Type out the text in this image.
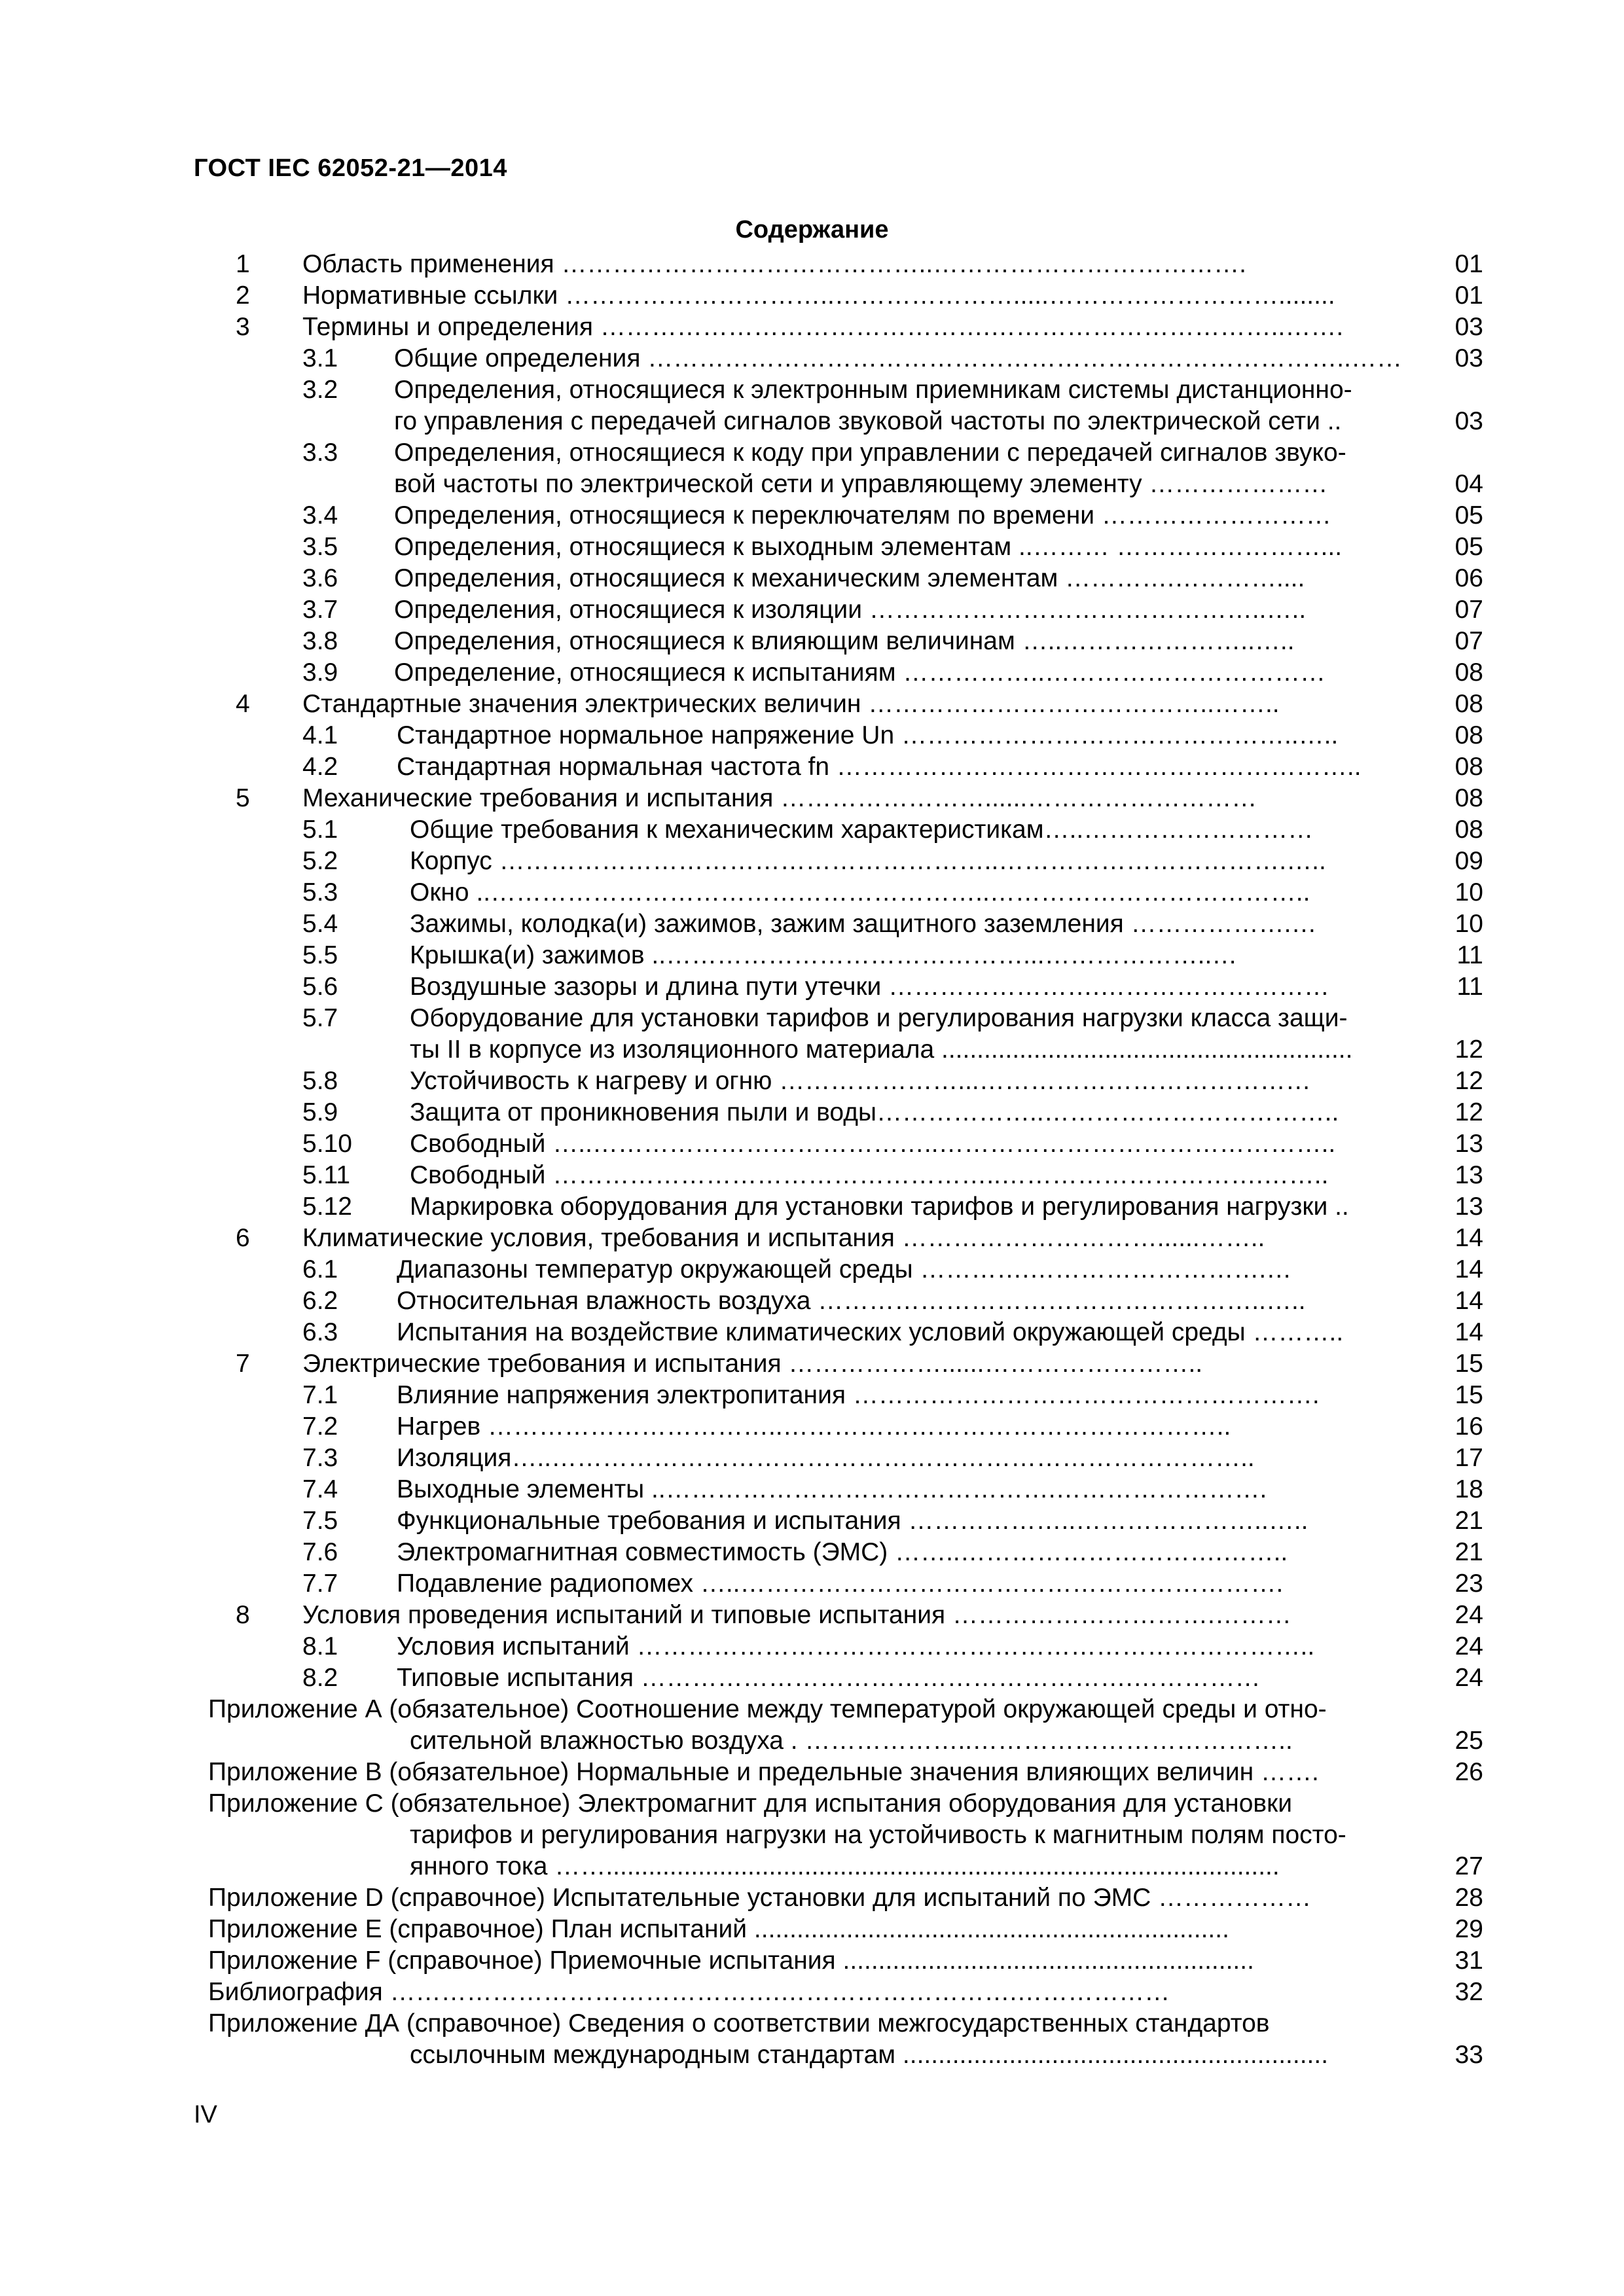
ГОСТ IEC 62052-21—2014
Содержание
1 Область применения ……………………………………..……………………………….	01
2 Нормативные ссылки …………………………..………………….....………………………........	01
3 Термины и определения ……………………………………….……………………………..…….	03
3.1 Общие определения ………………………………………………………………………..…… 03
3.2 Определения, относящиеся к электронным приемникам системы дистанционно-
го управления с передачей сигналов звуковой частоты по электрической сети ..	03
3.3 Определения, относящиеся к коду при управлении с передачей сигналов звуко-
вой частоты по электрической сети и управляющему элементу …………………	04
3.4 Определения, относящиеся к переключателям по времени ………………………	05
3.5 Определения, относящиеся к выходным элементам ..……… ……………………...	05
3.6 Определения, относящиеся к механическим элементам ………….…………....	06
3.7 Определения, относящиеся к изоляции ………………………………………..…..	07
3.8 Определения, относящиеся к влияющим величинам …..…………………..…..	07
3.9 Определение, относящиеся к испытаниям ……………..……………………………	08
4 Стандартные значения электрических величин …………………………………..……..	08
4.1 Стандартное нормальное напряжение Un ………………………………………..…..	08
4.2 Стандартная нормальная частота fn ……………………………………………………..	08
5 Механические требования и испытания ……………………......………………………	08
5.1	Общие требования к механическим характеристикам…..………………………	08
5.2	Корпус …………………………………………………..…………………………….…..	09
5.3	Окно ..…………………………………………………..………………………………..	10
5.4	Зажимы, колодка(и) зажимов, зажим защитного заземления ……………….…	10
5.5	Крышка(и) зажимов ..……………………………………...………………..…	11
5.6	Воздушные зазоры и длина пути утечки …………………….………………………	11
5.7	Оборудование для установки тарифов и регулирования нагрузки класса защи-
ты II в корпусе из изоляционного материала ..........................................................	12
5.8	Устойчивость к нагреву и огню …………………...…………………………………	12
5.9	Защита от проникновения пыли и воды………………..……………………………..	12
5.10 Свободный …..…………………………………..………………………………………..	13
5.11 Свободный ……………………………………………..………………………….……..	13
5.12 Маркировка оборудования для установки тарифов и регулирования нагрузки ..	13
6 Климатические условия, требования и испытания …………………………......……..	14
6.1 Диапазоны температур окружающей среды ………….……………………….…	14
6.2 Относительная влажность воздуха ……………………………………………..…..	14
6.3 Испытания на воздействие климатических условий окружающей среды ………..	14
7 Электрические требования и испытания ………………......……………………..	15
7.1 Влияние напряжения электропитания ……………………………………………….	15
7.2 Нагрев ……………………………..……………………………………………..	16
7.3 Изоляция…..………………………………………………………………………..	17
7.4 Выходные элементы ..……………………………………….…………………….	18
7.5 Функциональные требования и испытания ………………..…………………..…..	21
7.6 Электромагнитная совместимость (ЭМС) ……..………………………….……..	21
7.7 Подавление радиопомех …..……………………………………………………….	23
8 Условия проведения испытаний и типовые испытания ………………………….………	24
8.1 Условия испытаний ……………………………………………………………………..	24
8.2 Типовые испытания ………………………………………………….……………	24
Приложение А (обязательное) Соотношение между температурой окружающей среды и отно-
сительной влажностью воздуха . ………………..………………………………..	25
Приложение В (обязательное) Нормальные и предельные значения влияющих величин …….	26
Приложение С (обязательное) Электромагнит для испытания оборудования для установки
тарифов и регулирования нагрузки на устойчивость к магнитным полям посто-
янного тока ……...............................................................................................	27
Приложение D (справочное) Испытательные установки для испытаний по ЭМС ………………	28
Приложение Е (справочное) План испытаний ...................................................................	29
Приложение F (справочное) Приемочные испытания ..........................................................	31
Библиография ……………………………………….……………………….………………	32
Приложение ДА (справочное) Сведения о соответствии межгосударственных стандартов
ссылочным международным стандартам ............................................................	33
IV
